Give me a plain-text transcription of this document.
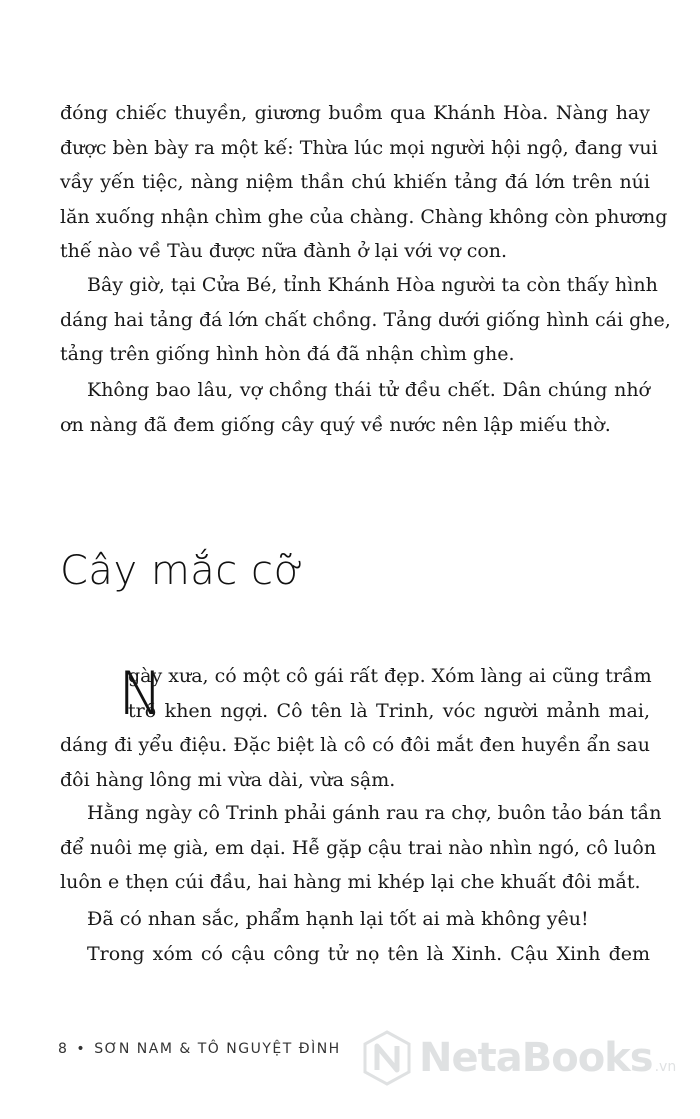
đóng chiếc thuyền, giương buồm qua Khánh Hòa. Nàng hay
được bèn bày ra một kế: Thừa lúc mọi người hội ngộ, đang vui
vầy yến tiệc, nàng niệm thần chú khiến tảng đá lớn trên núi
lăn xuống nhận chìm ghe của chàng. Chàng không còn phương
thế nào về Tàu được nữa đành ở lại với vợ con.
Bây giờ, tại Cửa Bé, tỉnh Khánh Hòa người ta còn thấy hình
dáng hai tảng đá lớn chất chồng. Tảng dưới giống hình cái ghe,
tảng trên giống hình hòn đá đã nhận chìm ghe.
Không bao lâu, vợ chồng thái tử đều chết. Dân chúng nhớ
ơn nàng đã đem giống cây quý về nước nên lập miếu thờ.
Cây mắc cỡ
N
gày xưa, có một cô gái rất đẹp. Xóm làng ai cũng trầm
trồ khen ngợi. Cô tên là Trinh, vóc người mảnh mai,
dáng đi yểu điệu. Đặc biệt là cô có đôi mắt đen huyền ẩn sau
đôi hàng lông mi vừa dài, vừa sậm.
Hằng ngày cô Trinh phải gánh rau ra chợ, buôn tảo bán tần
để nuôi mẹ già, em dại. Hễ gặp cậu trai nào nhìn ngó, cô luôn
luôn e thẹn cúi đầu, hai hàng mi khép lại che khuất đôi mắt.
Đã có nhan sắc, phẩm hạnh lại tốt ai mà không yêu!
Trong xóm có cậu công tử nọ tên là Xinh. Cậu Xinh đem
8 • SƠN NAM & TÔ NGUYỆT ĐÌNH NetaBooks .vn
